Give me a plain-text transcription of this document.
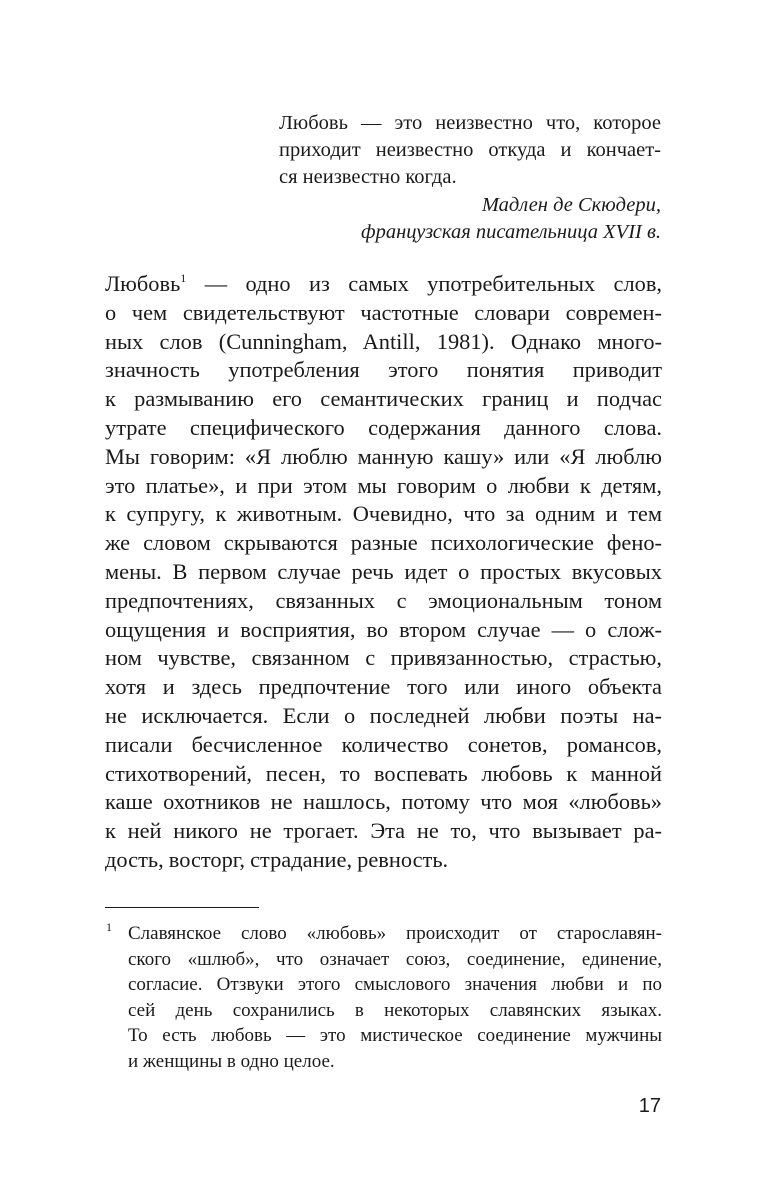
Любовь — это неизвестно что, которое
приходит неизвестно откуда и кончает-
ся неизвестно когда.
Мадлен де Скюдери,
французская писательница XVII в.
Любовь$^1$ — одно из самых употребительных слов,
о чем свидетельствуют частотные словари современ-
ных слов (Cunningham, Antill, 1981). Однако много-
значность употребления этого понятия приводит
к размыванию его семантических границ и подчас
утрате специфического содержания данного слова.
Мы говорим: «Я люблю манную кашу» или «Я люблю
это платье», и при этом мы говорим о любви к детям,
к супругу, к животным. Очевидно, что за одним и тем
же словом скрываются разные психологические фено-
мены. В первом случае речь идет о простых вкусовых
предпочтениях, связанных с эмоциональным тоном
ощущения и восприятия, во втором случае — о слож-
ном чувстве, связанном с привязанностью, страстью,
хотя и здесь предпочтение того или иного объекта
не исключается. Если о последней любви поэты на-
писали бесчисленное количество сонетов, романсов,
стихотворений, песен, то воспевать любовь к манной
каше охотников не нашлось, потому что моя «любовь»
к ней никого не трогает. Эта не то, что вызывает ра-
дость, восторг, страдание, ревность.
1 Славянское слово «любовь» происходит от старославян-
ского «шлюб», что означает союз, соединение, единение,
согласие. Отзвуки этого смыслового значения любви и по
сей день сохранились в некоторых славянских языках.
То есть любовь — это мистическое соединение мужчины
и женщины в одно целое.
17
